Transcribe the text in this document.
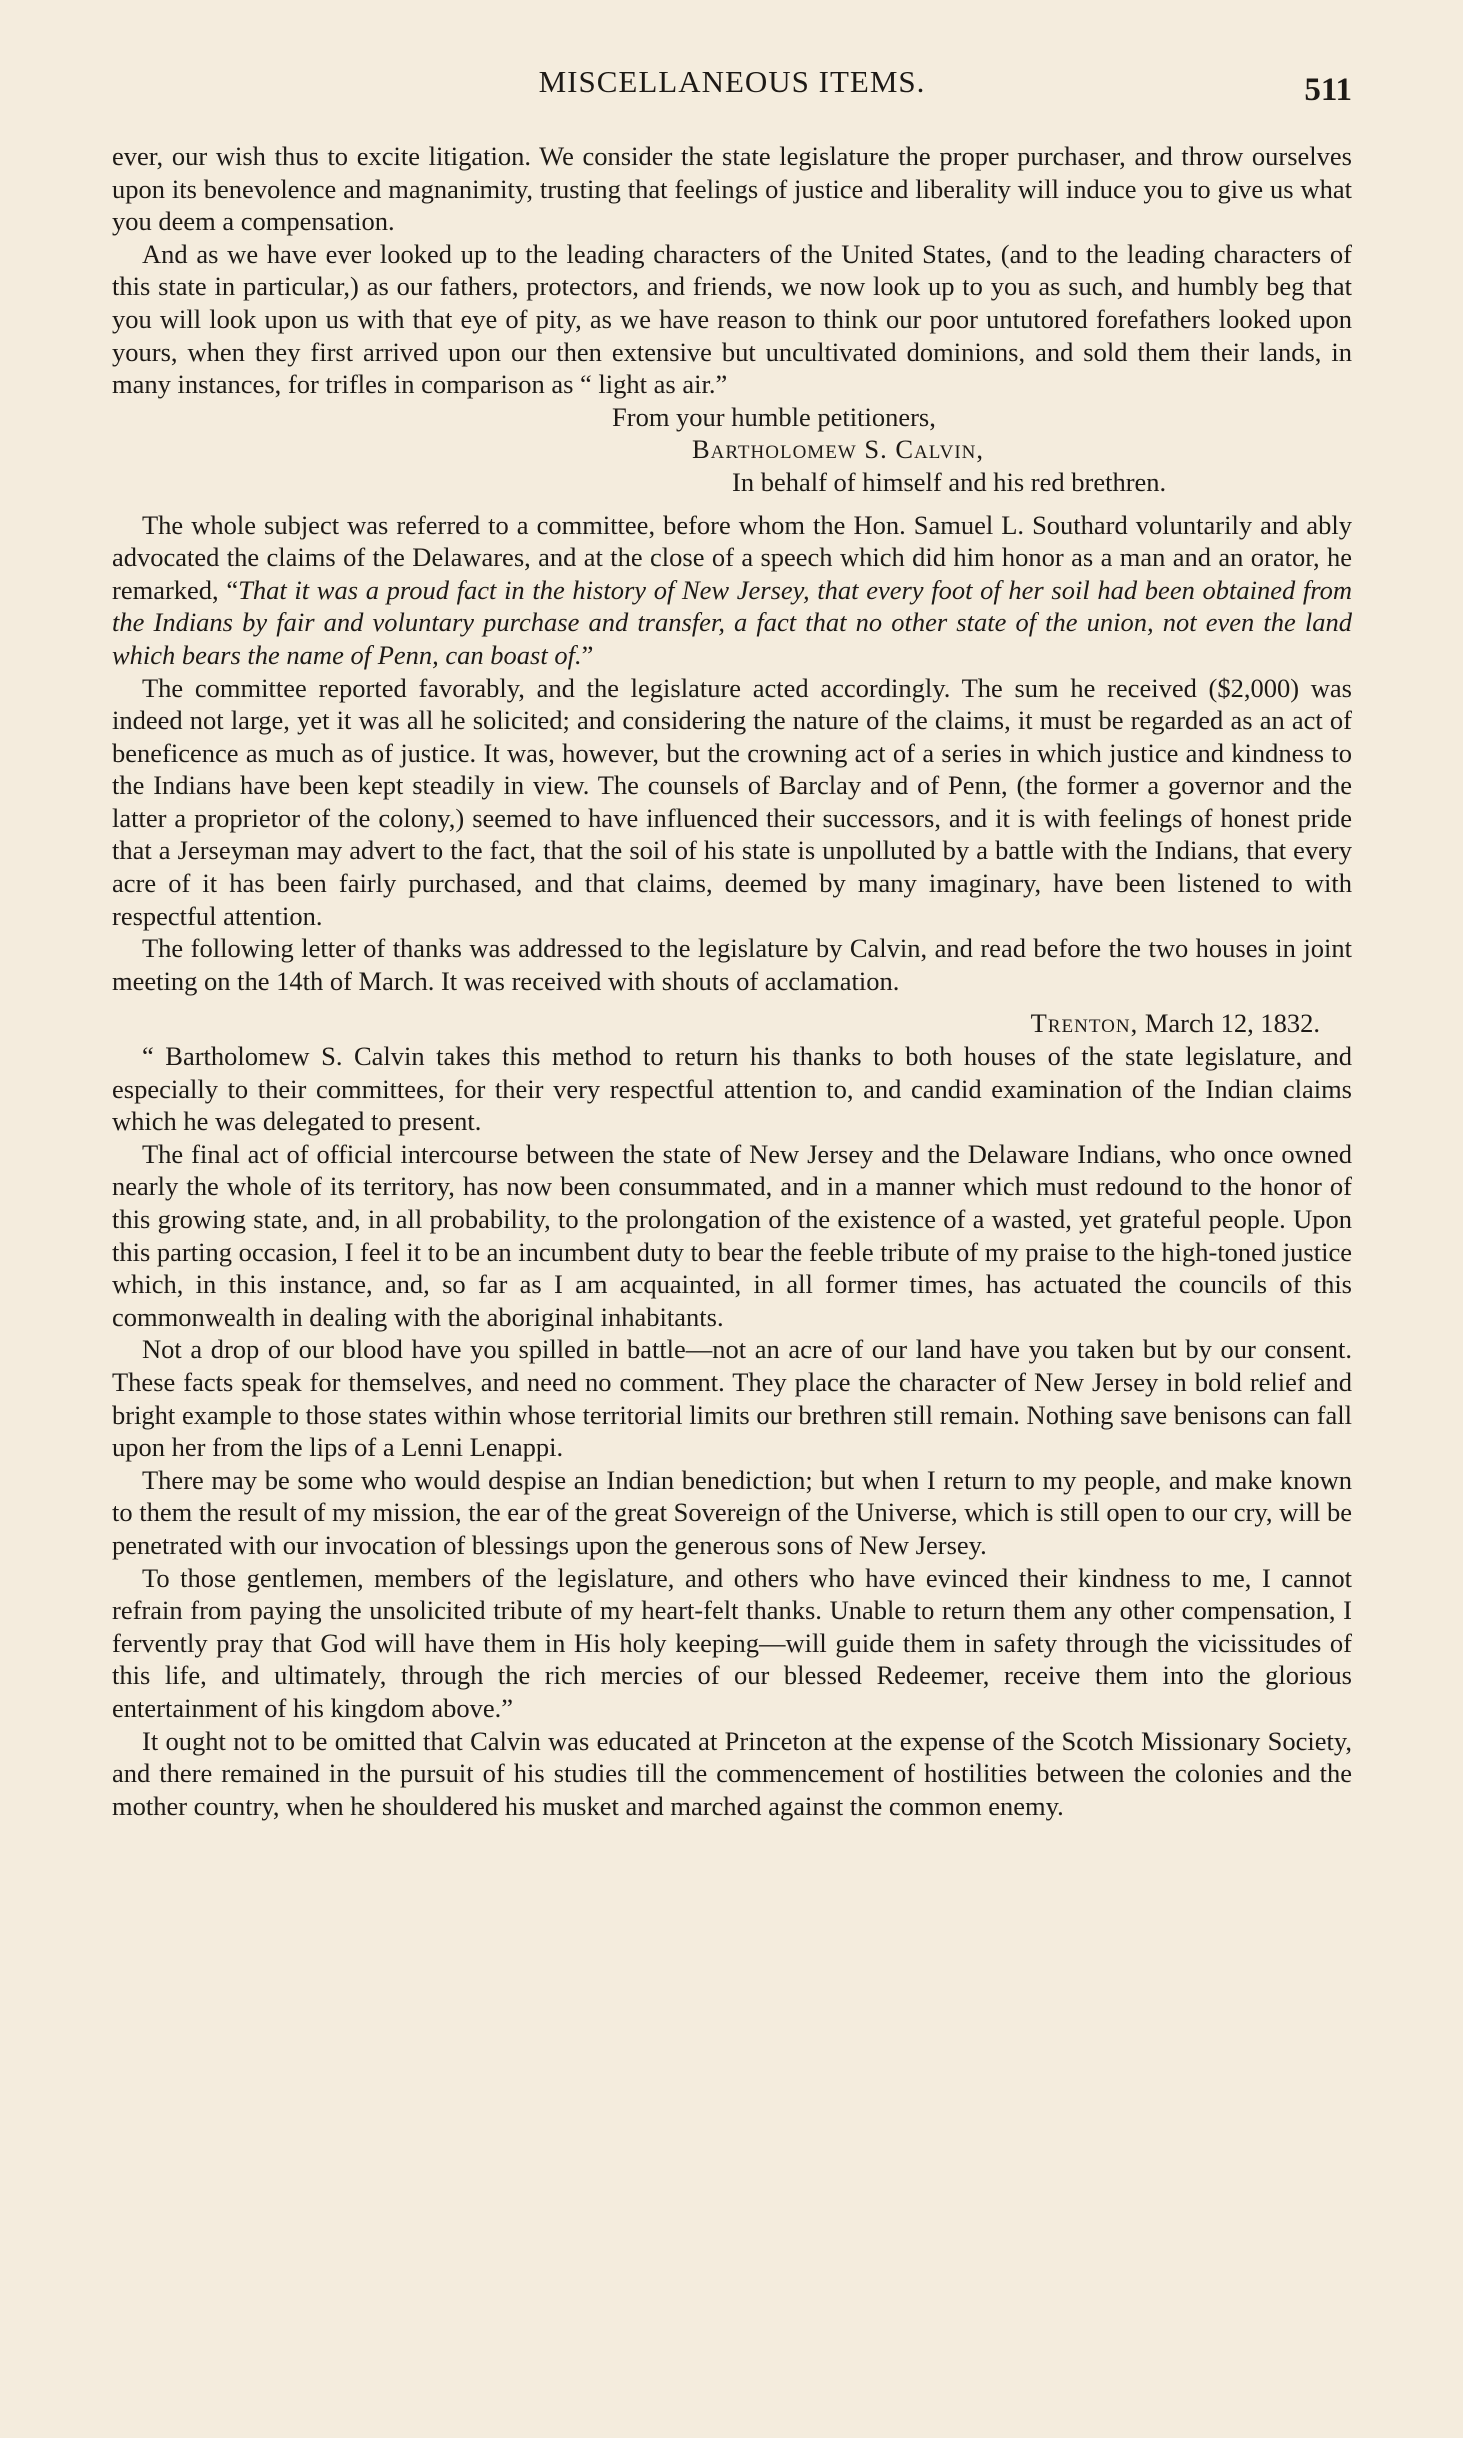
MISCELLANEOUS ITEMS.	511

ever, our wish thus to excite litigation. We consider the state legislature the proper purchaser, and throw ourselves upon its benevolence and magnanimity, trusting that feelings of justice and liberality will induce you to give us what you deem a compensation.

And as we have ever looked up to the leading characters of the United States, (and to the leading characters of this state in particular,) as our fathers, protectors, and friends, we now look up to you as such, and humbly beg that you will look upon us with that eye of pity, as we have reason to think our poor untutored forefathers looked upon yours, when they first arrived upon our then extensive but uncultivated dominions, and sold them their lands, in many instances, for trifles in comparison as “ light as air.”

From your humble petitioners,

Bartholomew S. Calvin,

In behalf of himself and his red brethren.

The whole subject was referred to a committee, before whom the Hon. Samuel L. Southard voluntarily and ably advocated the claims of the Delawares, and at the close of a speech which did him honor as a man and an orator, he remarked, “That it was a proud fact in the history of New Jersey, that every foot of her soil had been obtained from the Indians by fair and voluntary purchase and transfer, a fact that no other state of the union, not even the land which bears the name of Penn, can boast of.”

The committee reported favorably, and the legislature acted accordingly. The sum he received ($2,000) was indeed not large, yet it was all he solicited; and considering the nature of the claims, it must be regarded as an act of beneficence as much as of justice. It was, however, but the crowning act of a series in which justice and kindness to the Indians have been kept steadily in view. The counsels of Barclay and of Penn, (the former a governor and the latter a proprietor of the colony,) seemed to have influenced their successors, and it is with feelings of honest pride that a Jerseyman may advert to the fact, that the soil of his state is unpolluted by a battle with the Indians, that every acre of it has been fairly purchased, and that claims, deemed by many imaginary, have been listened to with respectful attention.

The following letter of thanks was addressed to the legislature by Calvin, and read before the two houses in joint meeting on the 14th of March. It was received with shouts of acclamation.

Trenton, March 12, 1832.

“ Bartholomew S. Calvin takes this method to return his thanks to both houses of the state legislature, and especially to their committees, for their very respectful attention to, and candid examination of the Indian claims which he was delegated to present.

The final act of official intercourse between the state of New Jersey and the Delaware Indians, who once owned nearly the whole of its territory, has now been consummated, and in a manner which must redound to the honor of this growing state, and, in all probability, to the prolongation of the existence of a wasted, yet grateful people. Upon this parting occasion, I feel it to be an incumbent duty to bear the feeble tribute of my praise to the high-toned justice which, in this instance, and, so far as I am acquainted, in all former times, has actuated the councils of this commonwealth in dealing with the aboriginal inhabitants.

Not a drop of our blood have you spilled in battle—not an acre of our land have you taken but by our consent. These facts speak for themselves, and need no comment. They place the character of New Jersey in bold relief and bright example to those states within whose territorial limits our brethren still remain. Nothing save benisons can fall upon her from the lips of a Lenni Lenappi.

There may be some who would despise an Indian benediction; but when I return to my people, and make known to them the result of my mission, the ear of the great Sovereign of the Universe, which is still open to our cry, will be penetrated with our invocation of blessings upon the generous sons of New Jersey.

To those gentlemen, members of the legislature, and others who have evinced their kindness to me, I cannot refrain from paying the unsolicited tribute of my heart-felt thanks. Unable to return them any other compensation, I fervently pray that God will have them in His holy keeping—will guide them in safety through the vicissitudes of this life, and ultimately, through the rich mercies of our blessed Redeemer, receive them into the glorious entertainment of his kingdom above.”

It ought not to be omitted that Calvin was educated at Princeton at the expense of the Scotch Missionary Society, and there remained in the pursuit of his studies till the commencement of hostilities between the colonies and the mother country, when he shouldered his musket and marched against the common enemy.
